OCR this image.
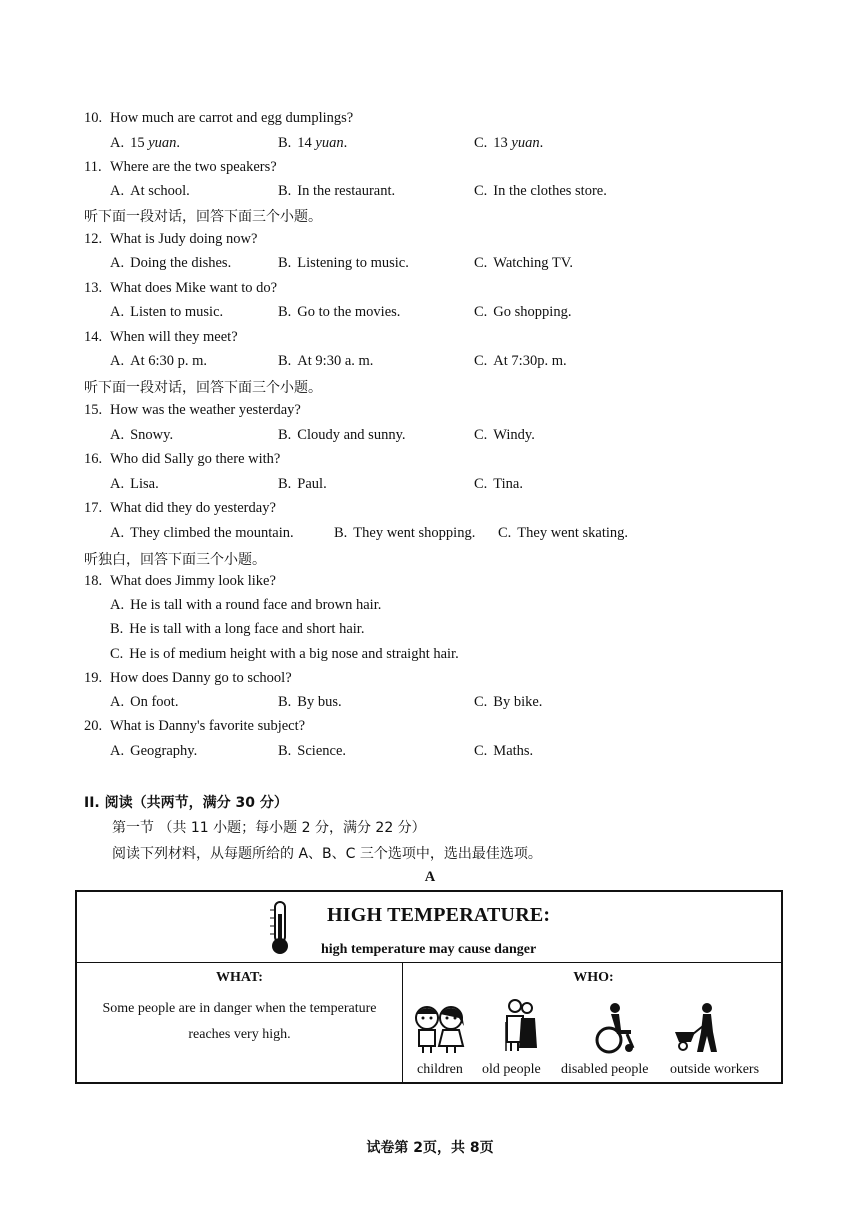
10. How much are carrot and egg dumplings?
A. 15 yuan.	B. 14 yuan.	C. 13 yuan.
11. Where are the two speakers?
A. At school.	B. In the restaurant.	C. In the clothes store.
听下面一段对话，回答下面三个小题。
12. What is Judy doing now?
A. Doing the dishes.	B. Listening to music.	C. Watching TV.
13. What does Mike want to do?
A. Listen to music.	B. Go to the movies.	C. Go shopping.
14. When will they meet?
A. At 6:30 p. m.	B. At 9:30 a. m.	C. At 7:30p. m.
听下面一段对话，回答下面三个小题。
15. How was the weather yesterday?
A. Snowy.	B. Cloudy and sunny.	C. Windy.
16. Who did Sally go there with?
A. Lisa.	B. Paul.	C. Tina.
17. What did they do yesterday?
A. They climbed the mountain.	B. They went shopping. C. They went skating.
听独白，回答下面三个小题。
18. What does Jimmy look like?
A. He is tall with a round face and brown hair.
B. He is tall with a long face and short hair.
C. He is of medium height with a big nose and straight hair.
19. How does Danny go to school?
A. On foot.	B. By bus.	C. By bike.
20. What is Danny's favorite subject?
A. Geography.	B. Science.	C. Maths.
II. 阅读（共两节，满分 30 分）
第一节 （共 11 小题；每小题 2 分，满分 22 分）
阅读下列材料，从每题所给的 A、B、C 三个选项中，选出最佳选项。
A
HIGH TEMPERATURE:
high temperature may cause danger
WHAT:
Some people are in danger when the temperature reaches very high.
WHO:
children old people disabled people outside workers
试卷第 2页，共 8页
